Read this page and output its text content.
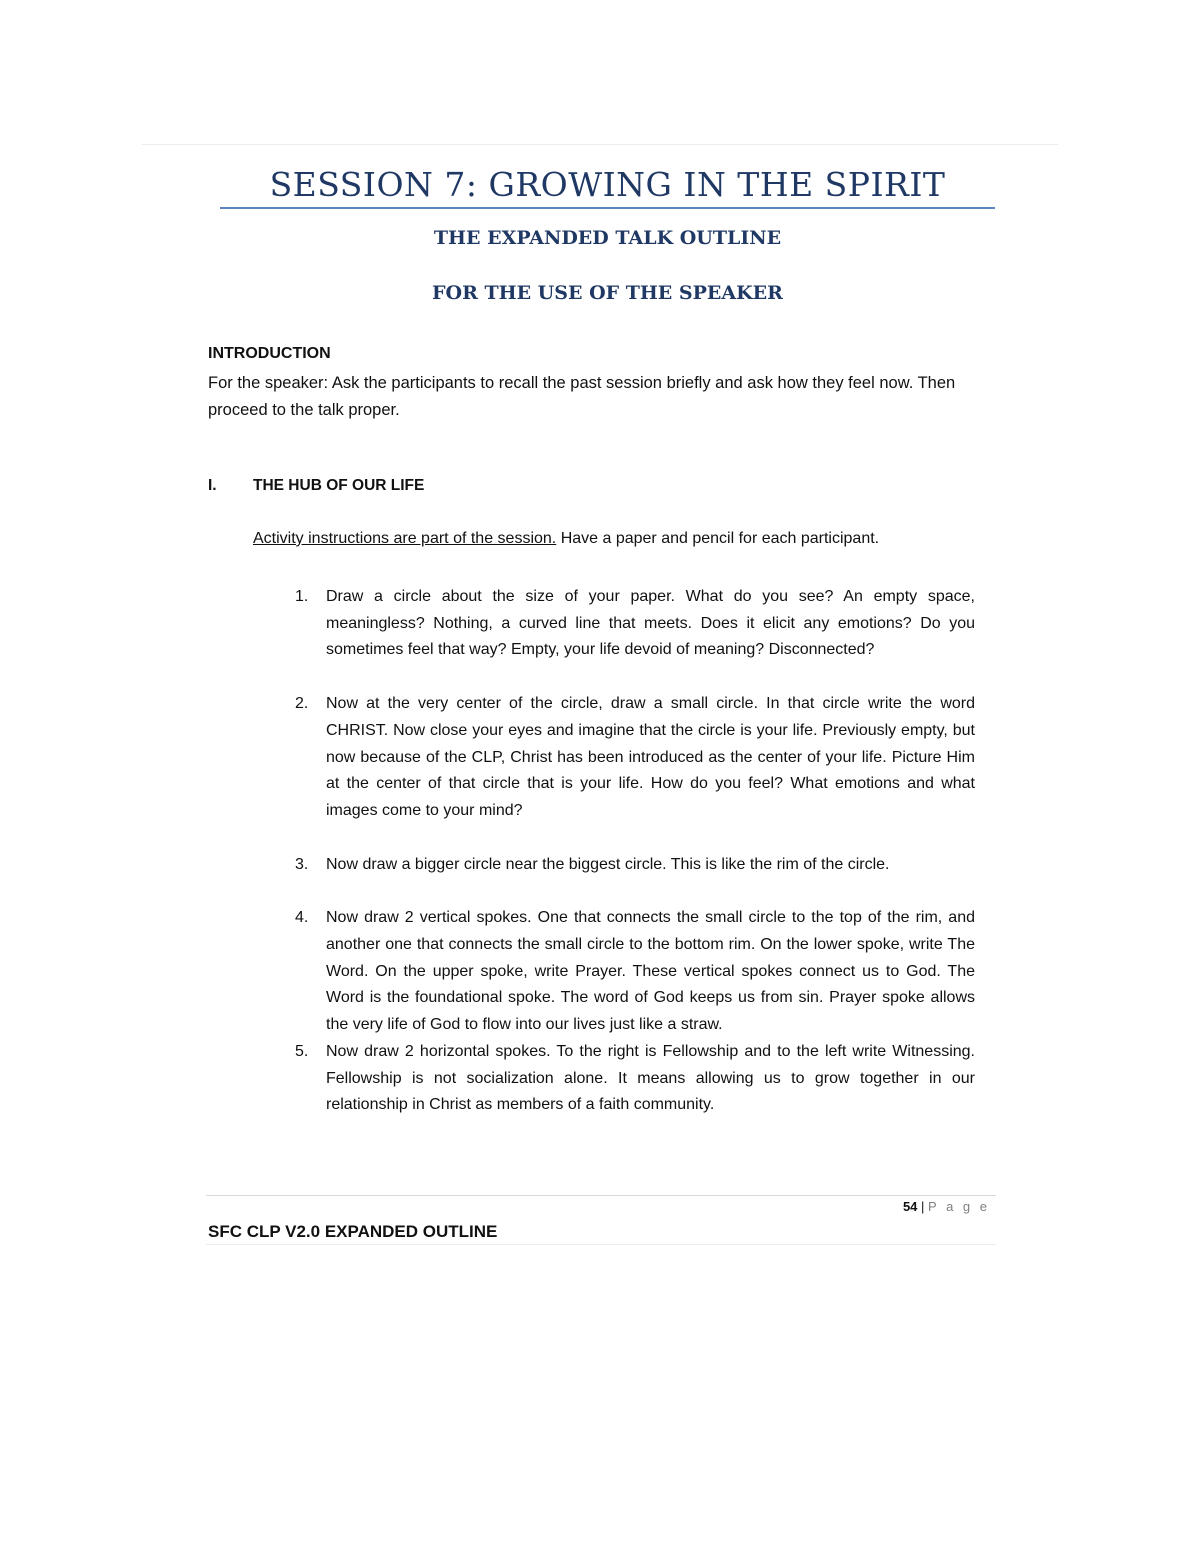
SESSION 7: GROWING IN THE SPIRIT
THE EXPANDED TALK OUTLINE
FOR THE USE OF THE SPEAKER
INTRODUCTION

For the speaker: Ask the participants to recall the past session briefly and ask how they feel now. Then proceed to the talk proper.

I. THE HUB OF OUR LIFE

Activity instructions are part of the session. Have a paper and pencil for each participant.

1. Draw a circle about the size of your paper. What do you see? An empty space, meaningless? Nothing, a curved line that meets. Does it elicit any emotions? Do you sometimes feel that way? Empty, your life devoid of meaning? Disconnected?
2. Now at the very center of the circle, draw a small circle. In that circle write the word CHRIST. Now close your eyes and imagine that the circle is your life. Previously empty, but now because of the CLP, Christ has been introduced as the center of your life. Picture Him at the center of that circle that is your life. How do you feel? What emotions and what images come to your mind?
3. Now draw a bigger circle near the biggest circle. This is like the rim of the circle.
4. Now draw 2 vertical spokes. One that connects the small circle to the top of the rim, and another one that connects the small circle to the bottom rim. On the lower spoke, write The Word. On the upper spoke, write Prayer. These vertical spokes connect us to God. The Word is the foundational spoke. The word of God keeps us from sin. Prayer spoke allows the very life of God to flow into our lives just like a straw.
5. Now draw 2 horizontal spokes. To the right is Fellowship and to the left write Witnessing. Fellowship is not socialization alone. It means allowing us to grow together in our relationship in Christ as members of a faith community.

54 | P a g e

SFC CLP V2.0 EXPANDED OUTLINE
